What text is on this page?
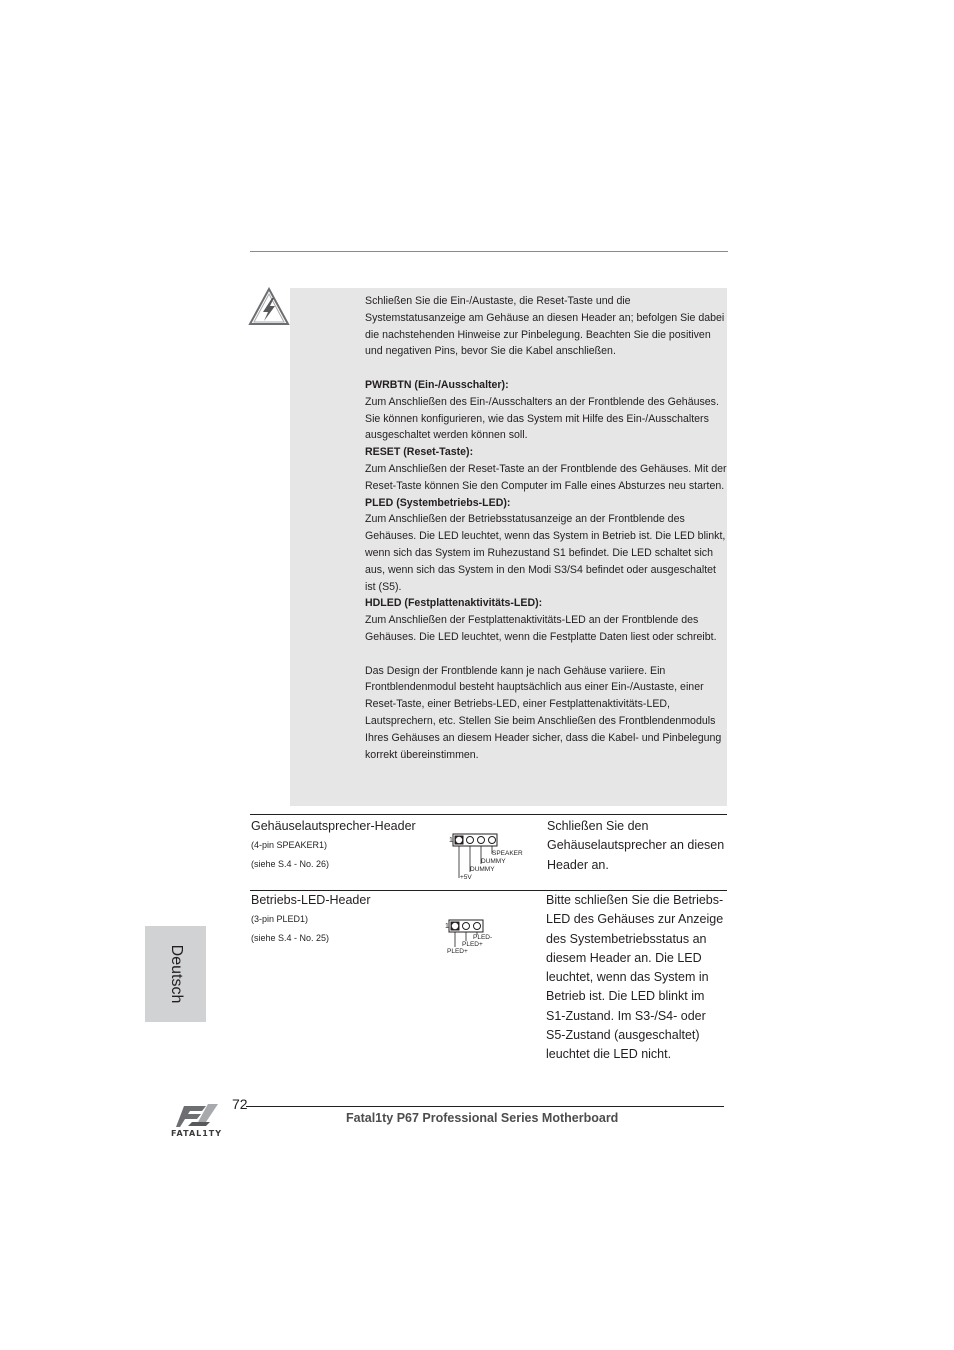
Schließen Sie die Ein-/Austaste, die Reset-Taste und die Systemstatusanzeige am Gehäuse an diesen Header an; befolgen Sie dabei die nachstehenden Hinweise zur Pinbelegung. Beachten Sie die positiven und negativen Pins, bevor Sie die Kabel anschließen.

PWRBTN (Ein-/Ausschalter):

Zum Anschließen des Ein-/Ausschalters an der Frontblende des Gehäuses. Sie können konfigurieren, wie das System mit Hilfe des Ein-/Ausschalters ausgeschaltet werden können soll.

RESET (Reset-Taste):

Zum Anschließen der Reset-Taste an der Frontblende des Gehäuses. Mit der Reset-Taste können Sie den Computer im Falle eines Absturzes neu starten.

PLED (Systembetriebs-LED):

Zum Anschließen der Betriebsstatusanzeige an der Frontblende des Gehäuses. Die LED leuchtet, wenn das System in Betrieb ist. Die LED blinkt, wenn sich das System im Ruhezustand S1 befindet. Die LED schaltet sich aus, wenn sich das System in den Modi S3/S4 befindet oder ausgeschaltet ist (S5).

HDLED (Festplattenaktivitäts-LED):

Zum Anschließen der Festplattenaktivitäts-LED an der Frontblende des Gehäuses. Die LED leuchtet, wenn die Festplatte Daten liest oder schreibt.

Das Design der Frontblende kann je nach Gehäuse variiere. Ein Frontblendenmodul besteht hauptsächlich aus einer Ein-/Austaste, einer Reset-Taste, einer Betriebs-LED, einer Festplattenaktivitäts-LED, Lautsprechern, etc. Stellen Sie beim Anschließen des Frontblendenmoduls Ihres Gehäuses an diesem Header sicher, dass die Kabel- und Pinbelegung korrekt übereinstimmen.

Gehäuselautsprecher-Header
(4-pin SPEAKER1)
(siehe S.4 - No. 26)
1
SPEAKER
DUMMY
DUMMY
+5V
Schließen Sie den Gehäuselautsprecher an diesen Header an.
Betriebs-LED-Header
(3-pin PLED1)
(siehe S.4 - No. 25)
1
PLED-
PLED+
PLED+
Bitte schließen Sie die Betriebs-LED des Gehäuses zur Anzeige des Systembetriebsstatus an diesem Header an. Die LED leuchtet, wenn das System in Betrieb ist. Die LED blinkt im S1-Zustand. Im S3-/S4- oder S5-Zustand (ausgeschaltet) leuchtet die LED nicht.
Deutsch
FATAL1TY
72
Fatal1ty P67 Professional Series Motherboard
